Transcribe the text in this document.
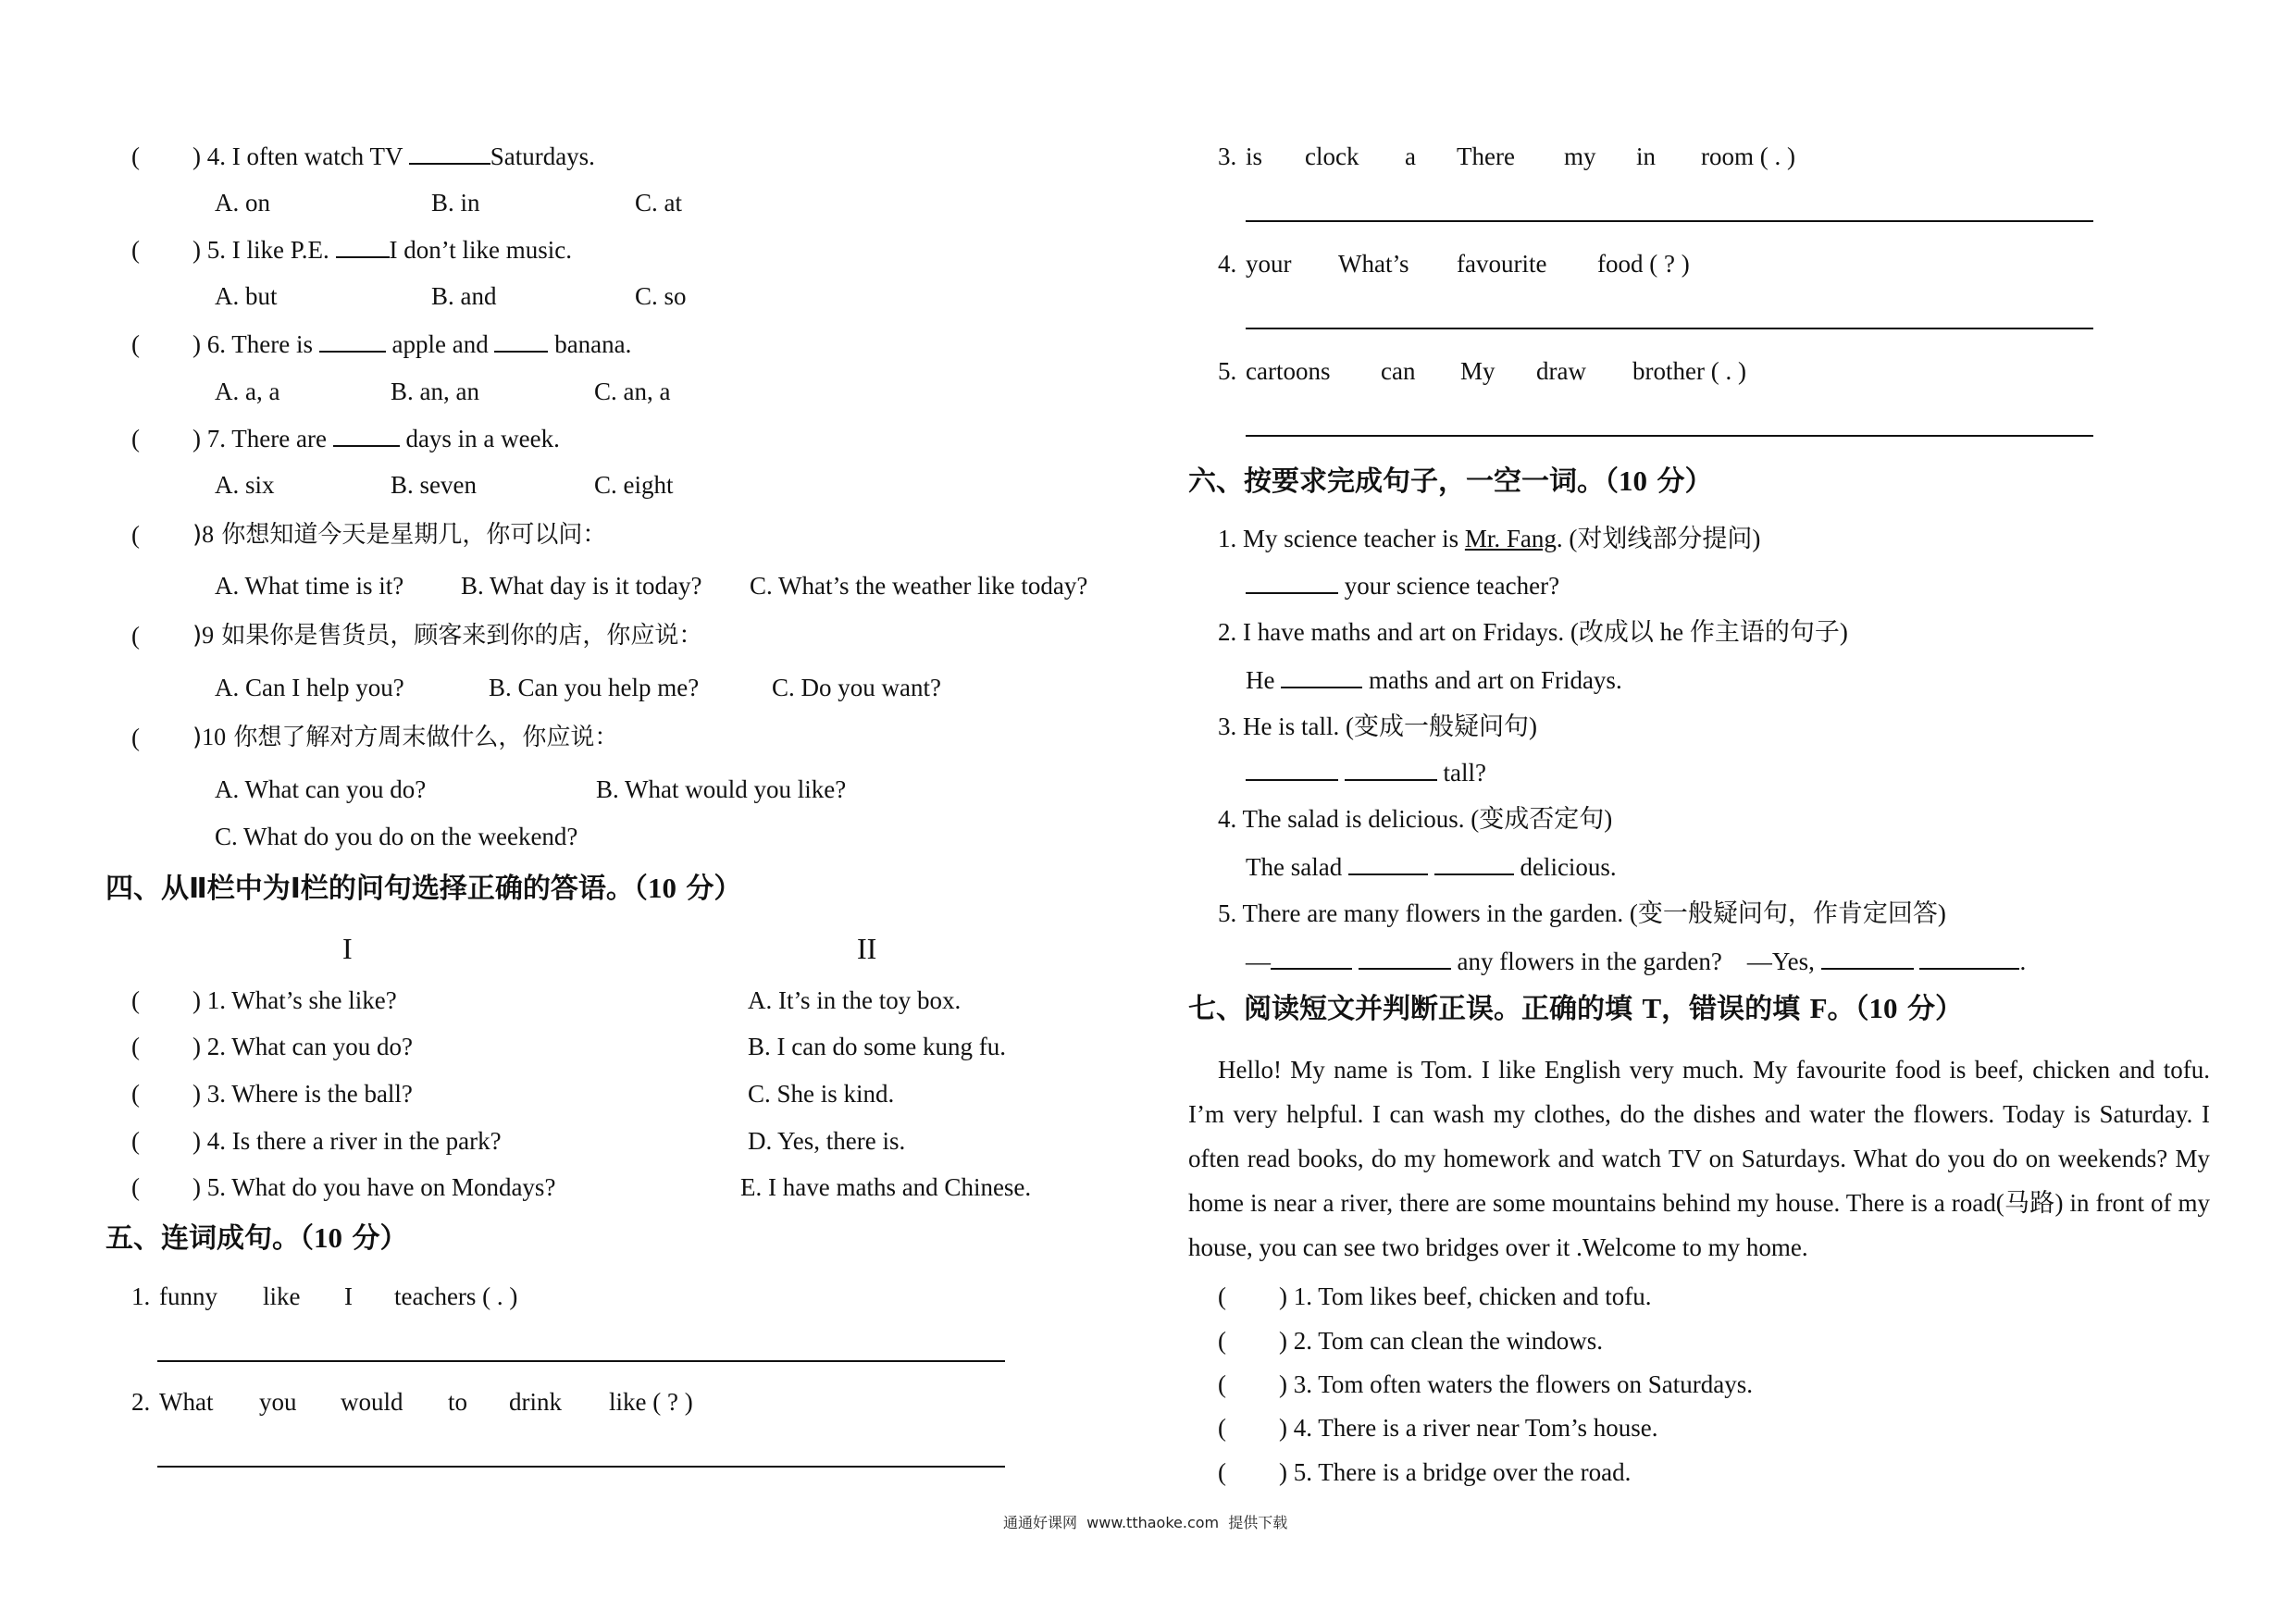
( ) 4. I often watch TV	Saturdays.
A. on	B. in	C. at
( ) 5. I like P.E. I don’t like music.
A. but	B. and	C. so
( ) 6. There is	apple and	banana.
A. a, a	B. an, an	C. an, a
( ) 7. There are	days in a week.
A. six	B. seven	C. eight
( )8 你想知道今天是星期几，你可以问：
A. What time is it? B. What day is it today? C. What’s the weather like today?
( )9 如果你是售货员，顾客来到你的店，你应说：
A. Can I help you?	B. Can you help me?	C. Do you want?
( )10 你想了解对方周末做什么，你应说：
A. What can you do?	B. What would you like?
C. What do you do on the weekend?
四、从Ⅱ栏中为Ⅰ栏的问句选择正确的答语。（10 分）
I	II
( ) 1. What’s she like?	A. It’s in the toy box.
( ) 2. What can you do?	B. I can do some kung fu.
( ) 3. Where is the ball?	C. She is kind.
( ) 4. Is there a river in the park?	D. Yes, there is.
( ) 5. What do you have on Mondays?	E. I have maths and Chinese.
五、连词成句。（10 分）
1. funny like I teachers ( . )
2. What you would to drink like ( ? )
3. is clock a There my in room ( . )
4. your What’s favourite food ( ? )
5. cartoons can My draw brother ( . )
六、按要求完成句子，一空一词。（10 分）
1. My science teacher is Mr. Fang. (对划线部分提问)
your science teacher?
2. I have maths and art on Fridays. (改成以 he 作主语的句子)
He	maths and art on Fridays.
3. He is tall. (变成一般疑问句)
tall?
4. The salad is delicious. (变成否定句)
The salad	delicious.
5. There are many flowers in the garden. (变一般疑问句，作肯定回答)
—	any flowers in the garden? —Yes,	.
七、阅读短文并判断正误。正确的填 T，错误的填 F。（10 分）
Hello! My name is Tom. I like English very much. My favourite food is beef, chicken and tofu. I’m very helpful. I can wash my clothes, do the dishes and water the flowers. Today is Saturday. I often read books, do my homework and watch TV on Saturdays. What do you do on weekends? My home is near a river, there are some mountains behind my house. There is a road(马路) in front of my house, you can see two bridges over it .Welcome to my home.
( ) 1. Tom likes beef, chicken and tofu.
( ) 2. Tom can clean the windows.
( ) 3. Tom often waters the flowers on Saturdays.
( ) 4. There is a river near Tom’s house.
( ) 5. There is a bridge over the road.
通通好课网  www.tthaoke.com  提供下载
